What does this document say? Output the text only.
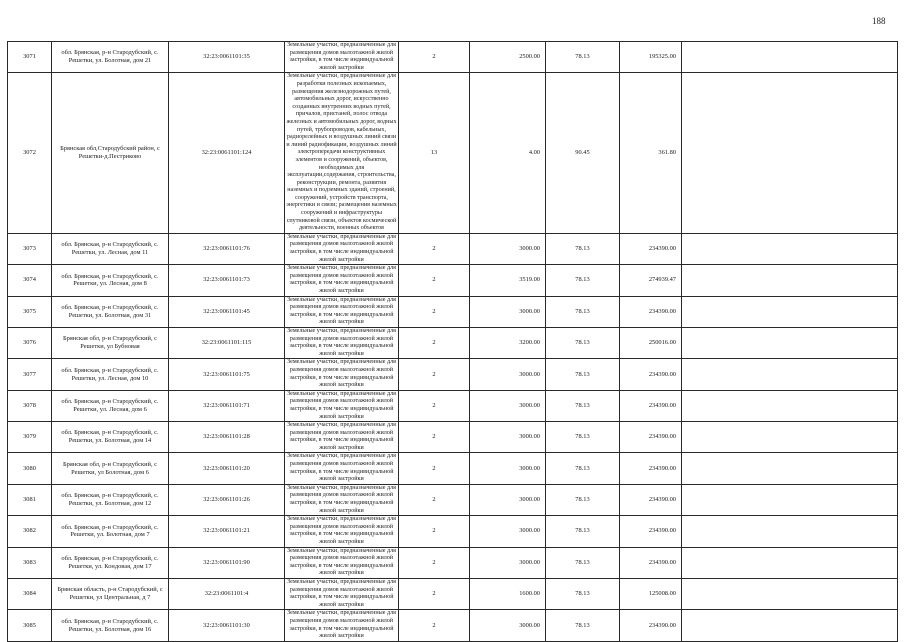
188
3071	обл. Брянская, р-н Стародубский, с. Решетки, ул. Болотная, дом 21	32:23:0061101:35	Земельные участки, предназначенные для размещения домов малоэтажной жилой застройки, в том числе индивидуальной жилой застройки	2	2500.00	78.13	195325.00	
3072	Брянская обл,Стародубский район, с Решетки-д.Пестриково	32:23:0061101:124	Земельные участки, предназначенные для разработки полезных ископаемых, размещения железнодорожных путей, автомобильных дорог, искусственно созданных внутренних водных путей, причалов, пристаней, полос отвода железных и автомобильных дорог, водных путей, трубопроводов, кабельных, радиорелейных и воздушных линий связи и линий радиофикации, воздушных линий электропередачи конструктивных элементов и сооружений, объектов, необходимых для эксплуатации,содержания, строительства, реконструкции, ремонта, развития наземных и подземных зданий, строений, сооружений, устройств транспорта, энергетики и связи; размещения наземных сооружений и инфраструктуры спутниковой связи, объектов космической деятельности, военных объектов	13	4.00	90.45	361.80	
3073	обл. Брянская, р-н Стародубский, с. Решетки, ул. Лесная, дом 11	32:23:0061101:76	Земельные участки, предназначенные для размещения домов малоэтажной жилой застройки, в том числе индивидуальной жилой застройки	2	3000.00	78.13	234390.00	
3074	обл. Брянская, р-н Стародубский, с. Решетки, ул. Лесная, дом 8	32:23:0061101:73	Земельные участки, предназначенные для размещения домов малоэтажной жилой застройки, в том числе индивидуальной жилой застройки	2	3519.00	78.13	274939.47	
3075	обл. Брянская, р-н Стародубский, с. Решетки, ул. Болотная, дом 31	32:23:0061101:45	Земельные участки, предназначенные для размещения домов малоэтажной жилой застройки, в том числе индивидуальной жилой застройки	2	3000.00	78.13	234390.00	
3076	Брянская обл, р-н Стародубский, с Решетки, ул Бубновая	32:23:0061101:115	Земельные участки, предназначенные для размещения домов малоэтажной жилой застройки, в том числе индивидуальной жилой застройки	2	3200.00	78.13	250016.00	
3077	обл. Брянская, р-н Стародубский, с. Решетки, ул. Лесная, дом 10	32:23:0061101:75	Земельные участки, предназначенные для размещения домов малоэтажной жилой застройки, в том числе индивидуальной жилой застройки	2	3000.00	78.13	234390.00	
3078	обл. Брянская, р-н Стародубский, с. Решетки, ул. Лесная, дом 6	32:23:0061101:71	Земельные участки, предназначенные для размещения домов малоэтажной жилой застройки, в том числе индивидуальной жилой застройки	2	3000.00	78.13	234390.00	
3079	обл. Брянская, р-н Стародубский, с. Решетки, ул. Болотная, дом 14	32:23:0061101:28	Земельные участки, предназначенные для размещения домов малоэтажной жилой застройки, в том числе индивидуальной жилой застройки	2	3000.00	78.13	234390.00	
3080	Брянская обл, р-н Стародубский, с Решетки, ул Болотная, дом 6	32:23:0061101:20	Земельные участки, предназначенные для размещения домов малоэтажной жилой застройки, в том числе индивидуальной жилой застройки	2	3000.00	78.13	234390.00	
3081	обл. Брянская, р-н Стародубский, с. Решетки, ул. Болотная, дом 12	32:23:0061101:26	Земельные участки, предназначенные для размещения домов малоэтажной жилой застройки, в том числе индивидуальной жилой застройки	2	3000.00	78.13	234390.00	
3082	обл. Брянская, р-н Стародубский, с. Решетки, ул. Болотная, дом 7	32:23:0061101:21	Земельные участки, предназначенные для размещения домов малоэтажной жилой застройки, в том числе индивидуальной жилой застройки	2	3000.00	78.13	234390.00	
3083	обл. Брянская, р-н Стародубский, с. Решетки, ул. Кондовая, дом 17	32:23:0061101:90	Земельные участки, предназначенные для размещения домов малоэтажной жилой застройки, в том числе индивидуальной жилой застройки	2	3000.00	78.13	234390.00	
3084	Брянская область, р-н Стародубский, с Решетки, ул Центральная, д 7	32:23:0061101:4	Земельные участки, предназначенные для размещения домов малоэтажной жилой застройки, в том числе индивидуальной жилой застройки	2	1600.00	78.13	125008.00	
3085	обл. Брянская, р-н Стародубский, с. Решетки, ул. Болотная, дом 16	32:23:0061101:30	Земельные участки, предназначенные для размещения домов малоэтажной жилой застройки, в том числе индивидуальной жилой застройки	2	3000.00	78.13	234390.00	
